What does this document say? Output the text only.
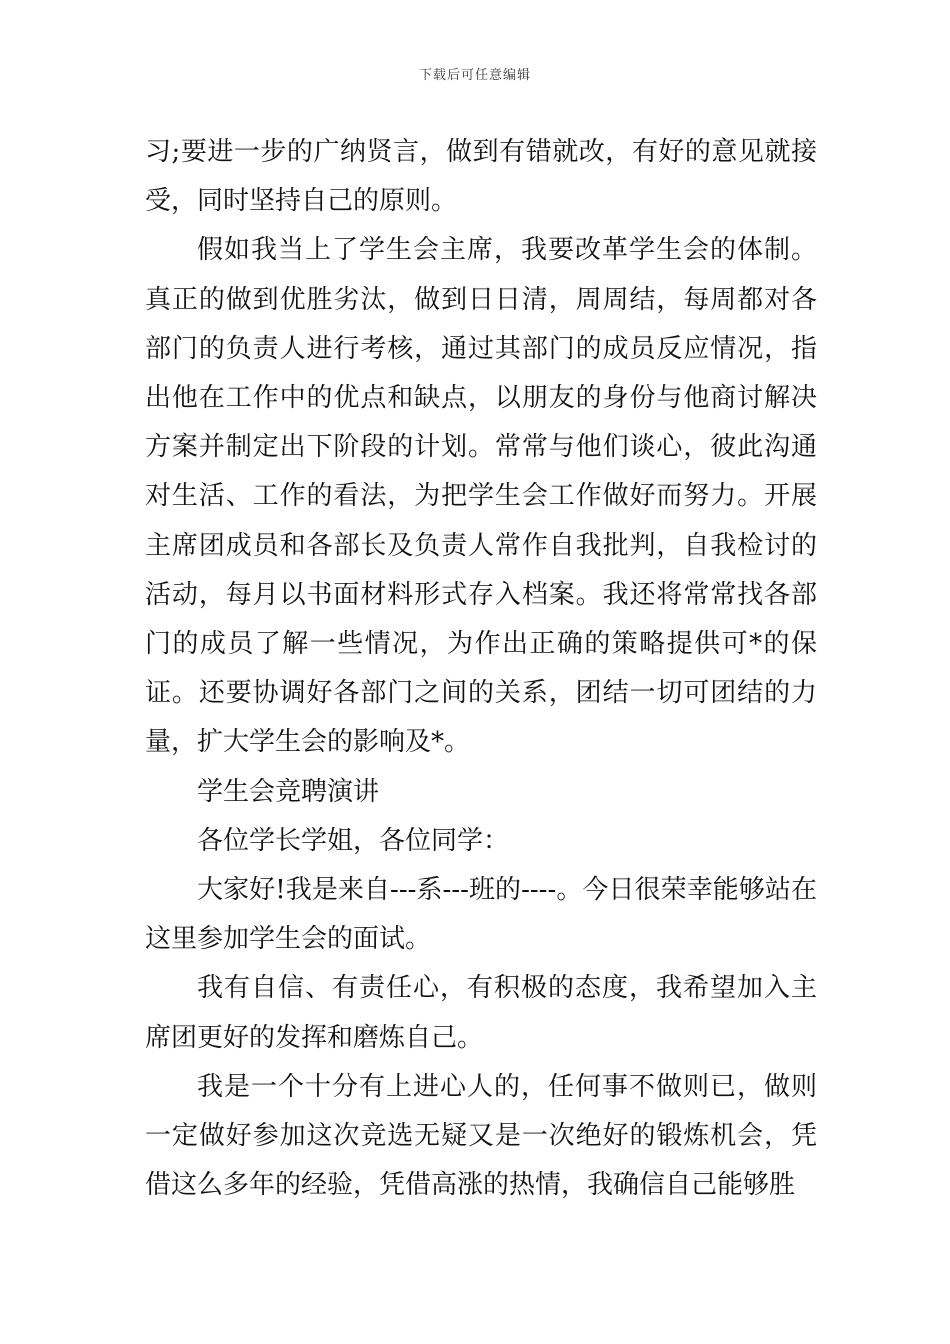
下载后可任意编辑

习;要进一步的广纳贤言，做到有错就改，有好的意见就接受，同时坚持自己的原则。

假如我当上了学生会主席，我要改革学生会的体制。真正的做到优胜劣汰，做到日日清，周周结，每周都对各部门的负责人进行考核，通过其部门的成员反应情况，指出他在工作中的优点和缺点，以朋友的身份与他商讨解决方案并制定出下阶段的计划。常常与他们谈心，彼此沟通对生活、工作的看法，为把学生会工作做好而努力。开展主席团成员和各部长及负责人常作自我批判，自我检讨的活动，每月以书面材料形式存入档案。我还将常常找各部门的成员了解一些情况，为作出正确的策略提供可*的保证。还要协调好各部门之间的关系，团结一切可团结的力量，扩大学生会的影响及*。

学生会竞聘演讲

各位学长学姐，各位同学：

大家好!我是来自---系---班的----。今日很荣幸能够站在这里参加学生会的面试。

我有自信、有责任心，有积极的态度，我希望加入主席团更好的发挥和磨炼自己。

我是一个十分有上进心人的，任何事不做则已，做则一定做好参加这次竞选无疑又是一次绝好的锻炼机会，凭借这么多年的经验，凭借高涨的热情，我确信自己能够胜
